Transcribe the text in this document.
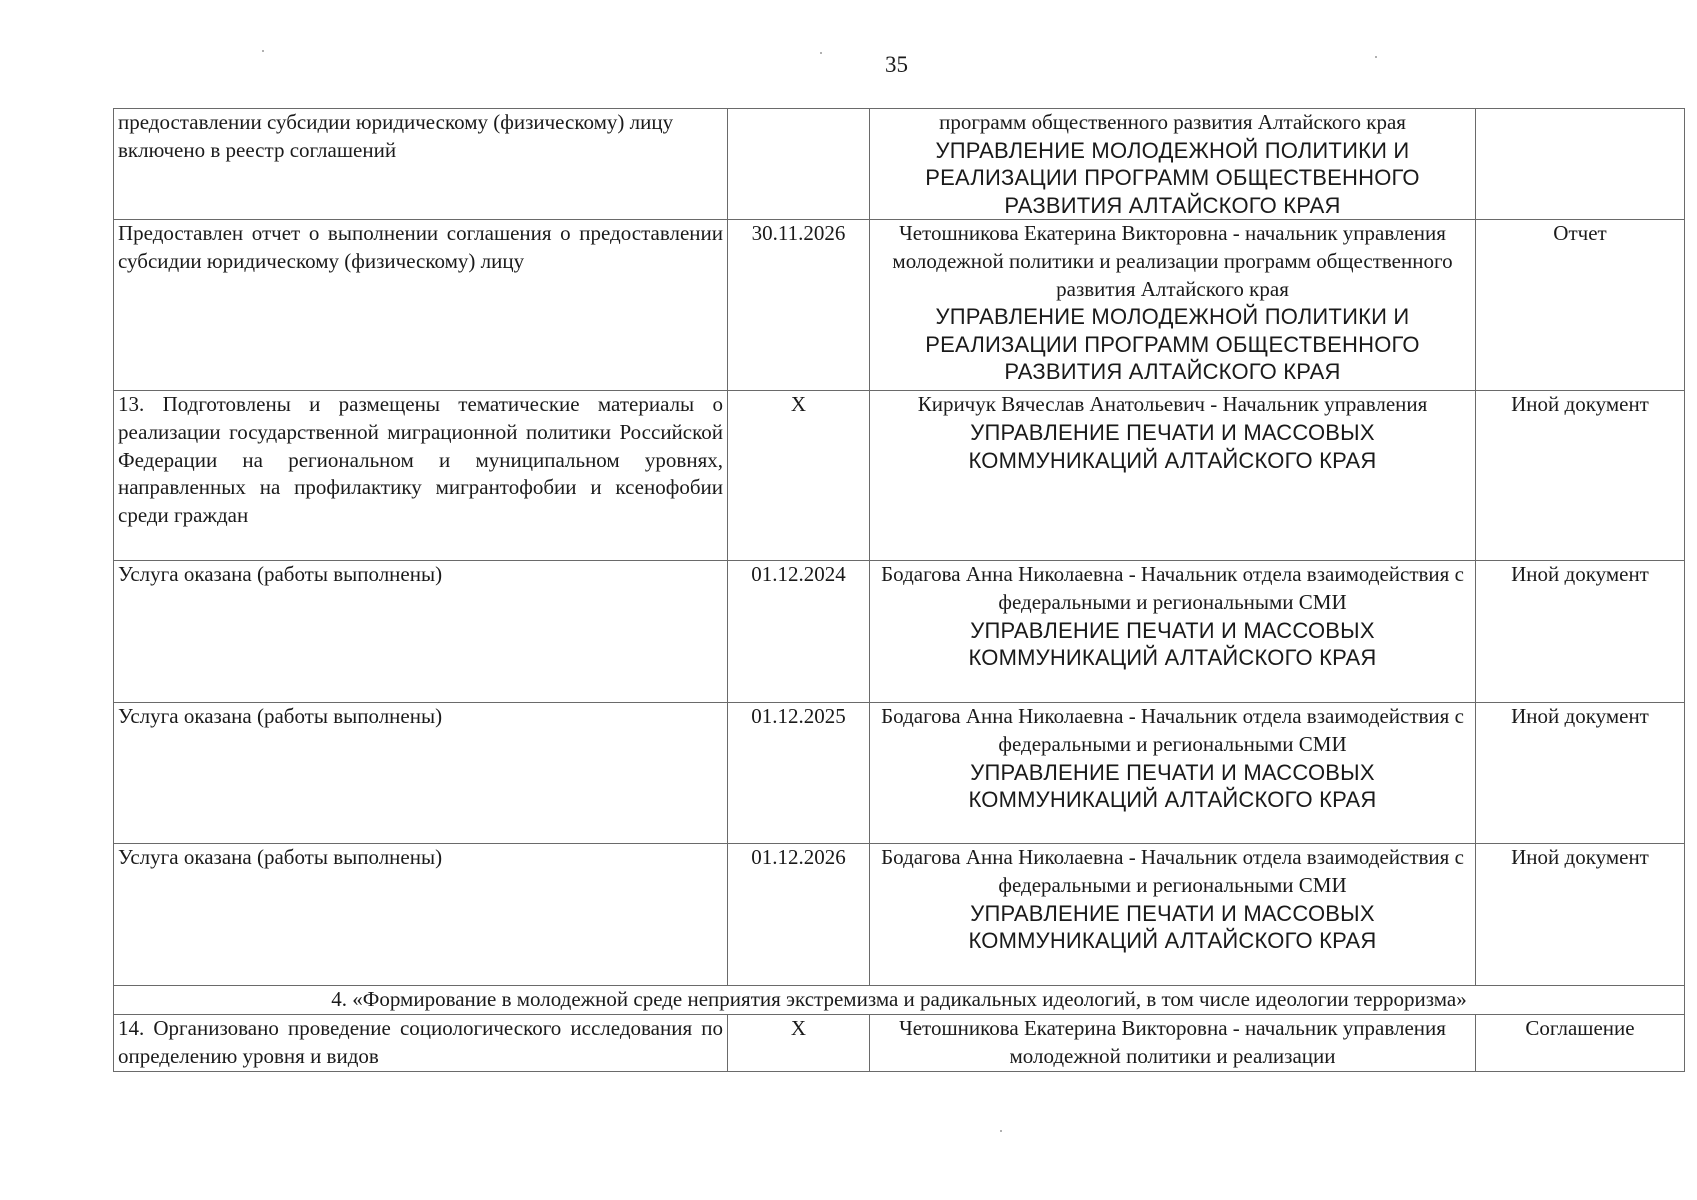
35
предоставлении субсидии юридическому (физическому) лицу включено в реестр соглашений		программ общественного развития Алтайского края
УПРАВЛЕНИЕ МОЛОДЕЖНОЙ ПОЛИТИКИ И РЕАЛИЗАЦИИ ПРОГРАММ ОБЩЕСТВЕННОГО РАЗВИТИЯ АЛТАЙСКОГО КРАЯ	

Предоставлен отчет о выполнении соглашения о предоставлении субсидии юридическому (физическому) лицу	30.11.2026	Четошникова Екатерина Викторовна - начальник управления молодежной политики и реализации программ общественного развития Алтайского края
УПРАВЛЕНИЕ МОЛОДЕЖНОЙ ПОЛИТИКИ И РЕАЛИЗАЦИИ ПРОГРАММ ОБЩЕСТВЕННОГО РАЗВИТИЯ АЛТАЙСКОГО КРАЯ	Отчет
13. Подготовлены и размещены тематические материалы о реализации государственной миграционной политики Российской Федерации на региональном и муниципальном уровнях, направленных на профилактику мигрантофобии и ксенофобии среди граждан	X	Киричук Вячеслав Анатольевич - Начальник управления
УПРАВЛЕНИЕ ПЕЧАТИ И МАССОВЫХ КОММУНИКАЦИЙ АЛТАЙСКОГО КРАЯ	Иной документ
Услуга оказана (работы выполнены)	01.12.2024	Бодагова Анна Николаевна - Начальник отдела взаимодействия с федеральными и региональными СМИ
УПРАВЛЕНИЕ ПЕЧАТИ И МАССОВЫХ КОММУНИКАЦИЙ АЛТАЙСКОГО КРАЯ	Иной документ
Услуга оказана (работы выполнены)	01.12.2025	Бодагова Анна Николаевна - Начальник отдела взаимодействия с федеральными и региональными СМИ
УПРАВЛЕНИЕ ПЕЧАТИ И МАССОВЫХ КОММУНИКАЦИЙ АЛТАЙСКОГО КРАЯ	Иной документ
Услуга оказана (работы выполнены)	01.12.2026	Бодагова Анна Николаевна - Начальник отдела взаимодействия с федеральными и региональными СМИ
УПРАВЛЕНИЕ ПЕЧАТИ И МАССОВЫХ КОММУНИКАЦИЙ АЛТАЙСКОГО КРАЯ	Иной документ
4. «Формирование в молодежной среде неприятия экстремизма и радикальных идеологий, в том числе идеологии терроризма»			
14. Организовано проведение социологического исследования по определению уровня и видов	X	Четошникова Екатерина Викторовна - начальник управления молодежной политики и реализации	Соглашение
